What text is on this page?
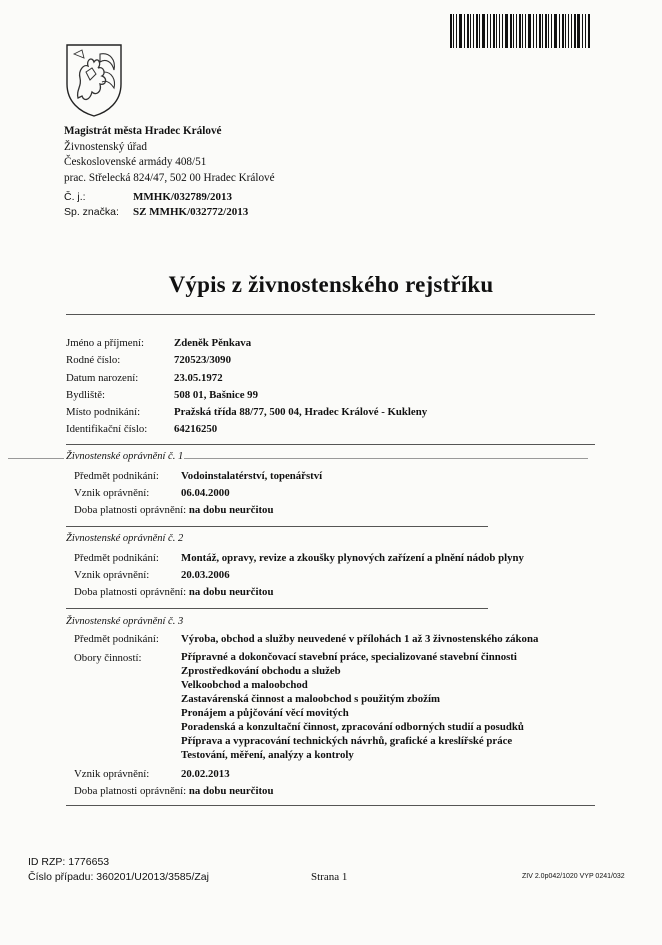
Magistrát města Hradec Králové
Živnostenský úřad
Československé armády 408/51
prac. Střelecká 824/47, 502 00 Hradec Králové
Č. j.:	MMHK/032789/2013
Sp. značka:	SZ MMHK/032772/2013
Výpis z živnostenského rejstříku
Jméno a příjmení:	Zdeněk Pěnkava
Rodné číslo:	720523/3090
Datum narození:	23.05.1972
Bydliště:	508 01, Bašnice 99
Místo podnikání:	Pražská třída 88/77, 500 04, Hradec Králové - Kukleny
Identifikační číslo:	64216250
Živnostenské oprávnění č. 1
Předmět podnikání:	Vodoinstalatérství, topenářství
Vznik oprávnění:	06.04.2000
Doba platnosti oprávnění: na dobu neurčitou
Živnostenské oprávnění č. 2
Předmět podnikání:	Montáž, opravy, revize a zkoušky plynových zařízení a plnění nádob plyny
Vznik oprávnění:	20.03.2006
Doba platnosti oprávnění: na dobu neurčitou
Živnostenské oprávnění č. 3
Předmět podnikání:	Výroba, obchod a služby neuvedené v přílohách 1 až 3 živnostenského zákona
Obory činností:	Přípravné a dokončovací stavební práce, specializované stavební činnosti
Zprostředkování obchodu a služeb
Velkoobchod a maloobchod
Zastavárenská činnost a maloobchod s použitým zbožím
Pronájem a půjčování věcí movitých
Poradenská a konzultační činnost, zpracování odborných studií a posudků
Příprava a vypracování technických návrhů, grafické a kreslířské práce
Testování, měření, analýzy a kontroly
Vznik oprávnění:	20.02.2013
Doba platnosti oprávnění: na dobu neurčitou
ID RZP: 1776653
Číslo případu: 360201/U2013/3585/Zaj	Strana 1	ZIV 2.0p042/1020 VYP 0241/032
